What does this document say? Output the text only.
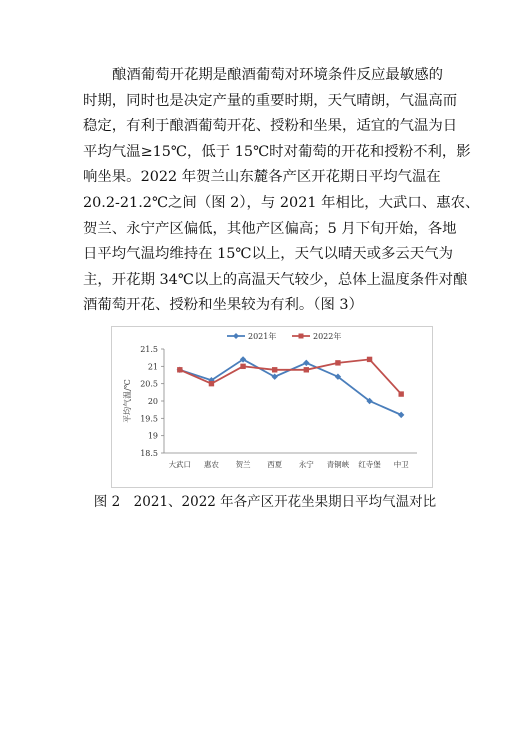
酿酒葡萄开花期是酿酒葡萄对环境条件反应最敏感的
时期，同时也是决定产量的重要时期，天气晴朗，气温高而
稳定，有利于酿酒葡萄开花、授粉和坐果，适宜的气温为日
平均气温≥15℃，低于 15℃时对葡萄的开花和授粉不利，影
响坐果。2022 年贺兰山东麓各产区开花期日平均气温在
20.2-21.2℃之间（图 2），与 2021 年相比，大武口、惠农、
贺兰、永宁产区偏低，其他产区偏高；5 月下旬开始，各地
日平均气温均维持在 15℃以上，天气以晴天或多云天气为
主，开花期 34℃以上的高温天气较少，总体上温度条件对酿
酒葡萄开花、授粉和坐果较为有利。（图 3）
18.5
19
19.5
20
20.5
21
21.5
大武口 惠农 贺兰 西夏 永宁 青铜峡 红寺堡 中卫
平均气温/℃
2021年	2022年
图 2　2021、2022 年各产区开花坐果期日平均气温对比
